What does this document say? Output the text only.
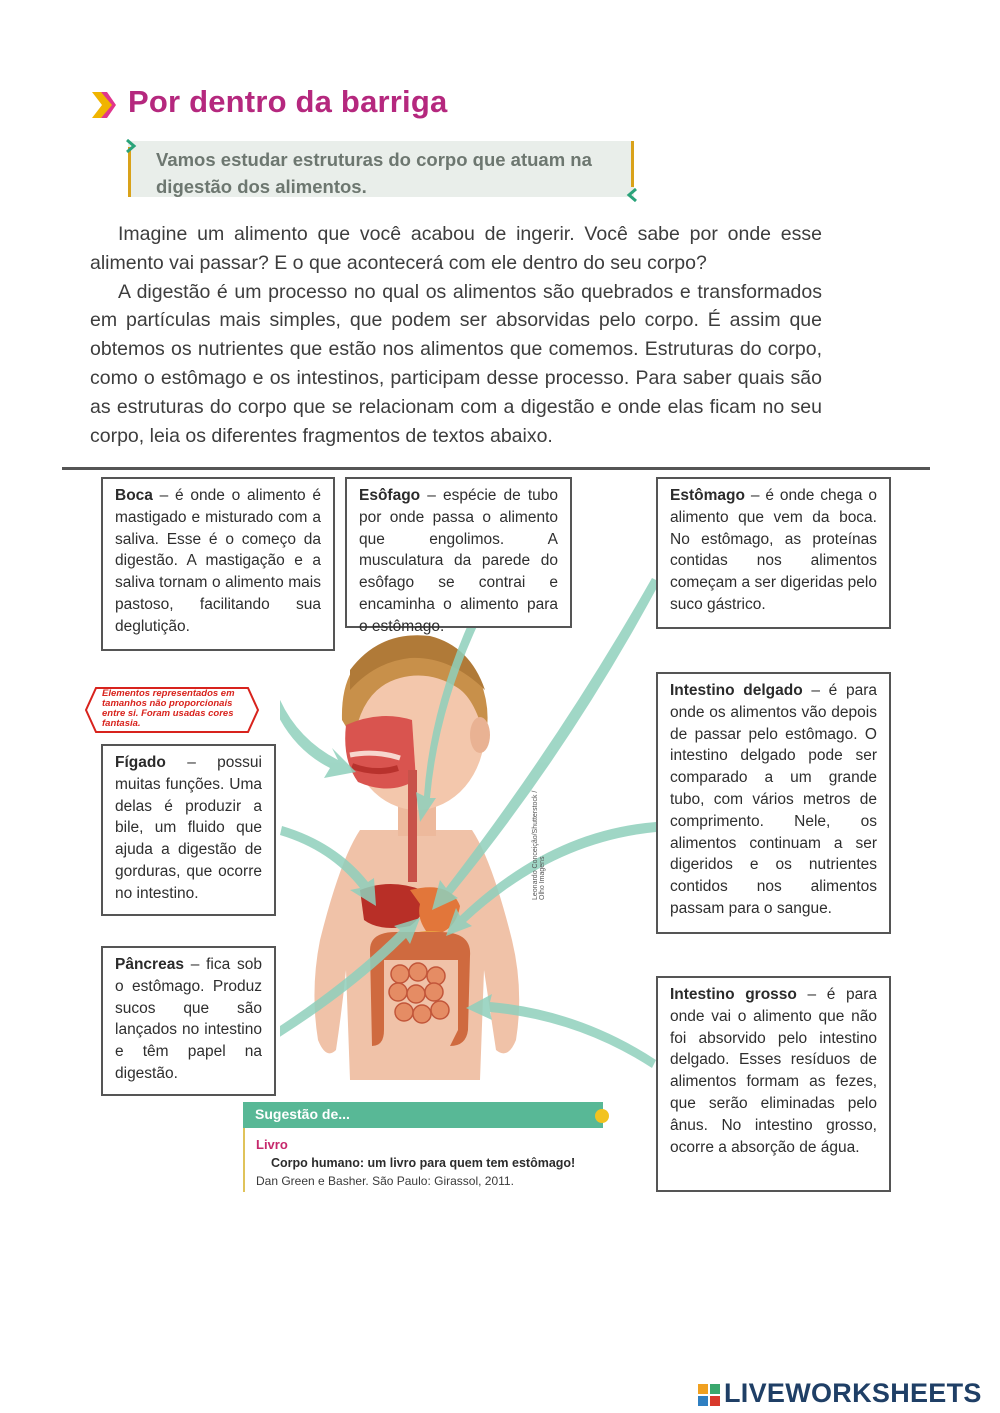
Por dentro da barriga
Vamos estudar estruturas do corpo que atuam na digestão dos alimentos.

Imagine um alimento que você acabou de ingerir. Você sabe por onde esse alimento vai passar? E o que acontecerá com ele dentro do seu corpo?

A digestão é um processo no qual os alimentos são quebrados e transformados em partículas mais simples, que podem ser absorvidas pelo corpo. É assim que obtemos os nutrientes que estão nos alimentos que comemos. Estruturas do corpo, como o estômago e os intestinos, participam desse processo. Para saber quais são as estruturas do corpo que se relacionam com a digestão e onde elas ficam no seu corpo, leia os diferentes fragmentos de textos abaixo.

Leonardo Conceição/Shutterstock / Olho Imagens
Elementos representados em tamanhos não proporcionais entre si. Foram usadas cores fantasia.
Boca – é onde o alimento é mastigado e misturado com a saliva. Esse é o começo da digestão. A mastigação e a saliva tornam o alimento mais pastoso, facilitando sua deglutição.
Esôfago – espécie de tubo por onde passa o alimento que engolimos. A musculatura da parede do esôfago se contrai e encaminha o alimento para o estômago.
Estômago – é onde chega o alimento que vem da boca. No estômago, as proteínas contidas nos alimentos começam a ser digeridas pelo suco gástrico.
Intestino delgado – é para onde os alimentos vão depois de passar pelo estômago. O intestino delgado pode ser comparado a um grande tubo, com vários metros de comprimento. Nele, os alimentos continuam a ser digeridos e os nutrientes contidos nos alimentos passam para o sangue.
Fígado – possui muitas funções. Uma delas é produzir a bile, um fluido que ajuda a digestão de gorduras, que ocorre no intestino.
Pâncreas – fica sob o estômago. Produz sucos que são lançados no intestino e têm papel na digestão.
Intestino grosso – é para onde vai o alimento que não foi absorvido pelo intestino delgado. Esses resíduos de alimentos formam as fezes, que serão eliminadas pelo ânus. No intestino grosso, ocorre a absorção de água.
Sugestão de...
Livro
Corpo humano: um livro para quem tem estômago!
Dan Green e Basher. São Paulo: Girassol, 2011.
LIVEWORKSHEETS
